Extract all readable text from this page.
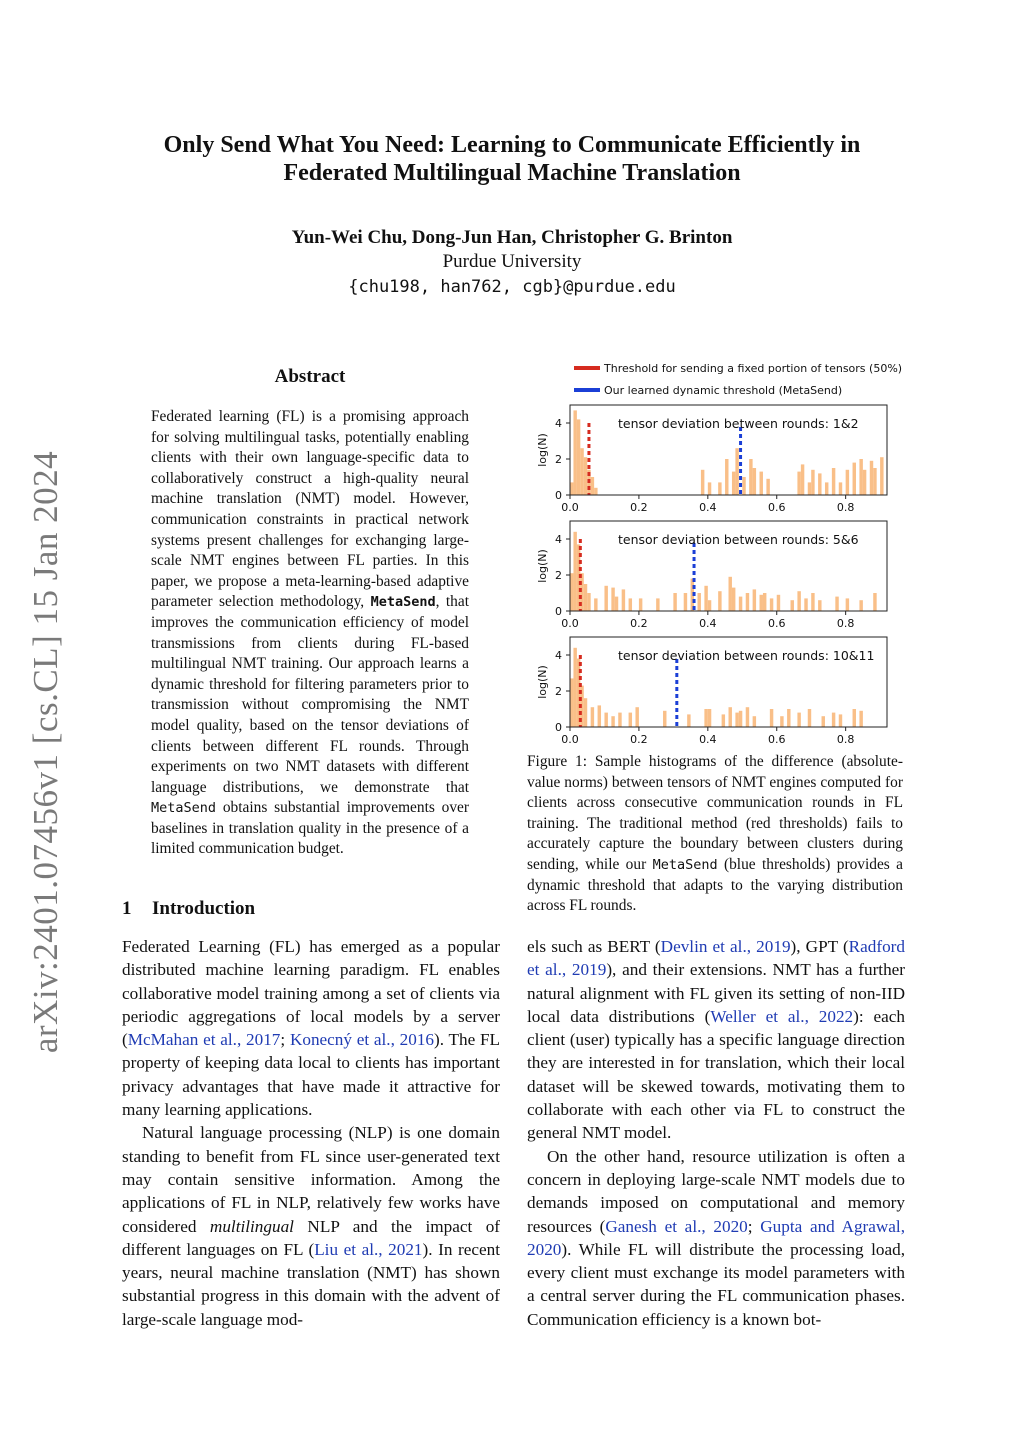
arXiv:2401.07456v1 [cs.CL] 15 Jan 2024
Only Send What You Need: Learning to Communicate Efficiently in
Federated Multilingual Machine Translation
Yun-Wei Chu, Dong-Jun Han, Christopher G. Brinton
Purdue University
{chu198, han762, cgb}@purdue.edu
Abstract
Federated learning (FL) is a promising approach for solving multilingual tasks, potentially enabling clients with their own language-specific data to collaboratively construct a high-quality neural machine translation (NMT) model. However, communication constraints in practical network systems present challenges for exchanging large-scale NMT engines between FL parties. In this paper, we propose a meta-learning-based adaptive parameter selection methodology, MetaSend, that improves the communication efficiency of model transmissions from clients during FL-based multilingual NMT training. Our approach learns a dynamic threshold for filtering parameters prior to transmission without compromising the NMT model quality, based on the tensor deviations of clients between different FL rounds. Through experiments on two NMT datasets with different language distributions, we demonstrate that MetaSend obtains substantial improvements over baselines in translation quality in the presence of a limited communication budget.
1 Introduction

Federated Learning (FL) has emerged as a popular distributed machine learning paradigm. FL enables collaborative model training among a set of clients via periodic aggregations of local models by a server (McMahan et al., 2017; Konecný et al., 2016). The FL property of keeping data local to clients has important privacy advantages that have made it attractive for many learning applications.

Natural language processing (NLP) is one domain standing to benefit from FL since user-generated text may contain sensitive information. Among the applications of FL in NLP, relatively few works have considered multilingual NLP and the impact of different languages on FL (Liu et al., 2021). In recent years, neural machine translation (NMT) has shown substantial progress in this domain with the advent of large-scale language mod-

els such as BERT (Devlin et al., 2019), GPT (Radford et al., 2019), and their extensions. NMT has a further natural alignment with FL given its setting of non-IID local data distributions (Weller et al., 2022): each client (user) typically has a specific language direction they are interested in for translation, which their local dataset will be skewed towards, motivating them to collaborate with each other via FL to construct the general NMT model.

On the other hand, resource utilization is often a concern in deploying large-scale NMT models due to demands imposed on computational and memory resources (Ganesh et al., 2020; Gupta and Agrawal, 2020). While FL will distribute the processing load, every client must exchange its model parameters with a central server during the FL communication phases. Communication efficiency is a known bot-

Threshold for sending a fixed portion of tensors (50%)
Our learned dynamic threshold (MetaSend)
0.0	0.2	0.4	0.6	0.8
0
2
4
log(N)
tensor deviation between rounds: 1&2
0.0	0.2	0.4	0.6	0.8
0
2
4
log(N)
tensor deviation between rounds: 5&6
0.0	0.2	0.4	0.6	0.8
0
2
4
log(N)
tensor deviation between rounds: 10&11
Figure 1: Sample histograms of the difference (absolute-value norms) between tensors of NMT engines computed for clients across consecutive communication rounds in FL training. The traditional method (red thresholds) fails to accurately capture the boundary between clusters during sending, while our MetaSend (blue thresholds) provides a dynamic threshold that adapts to the varying distribution across FL rounds.
